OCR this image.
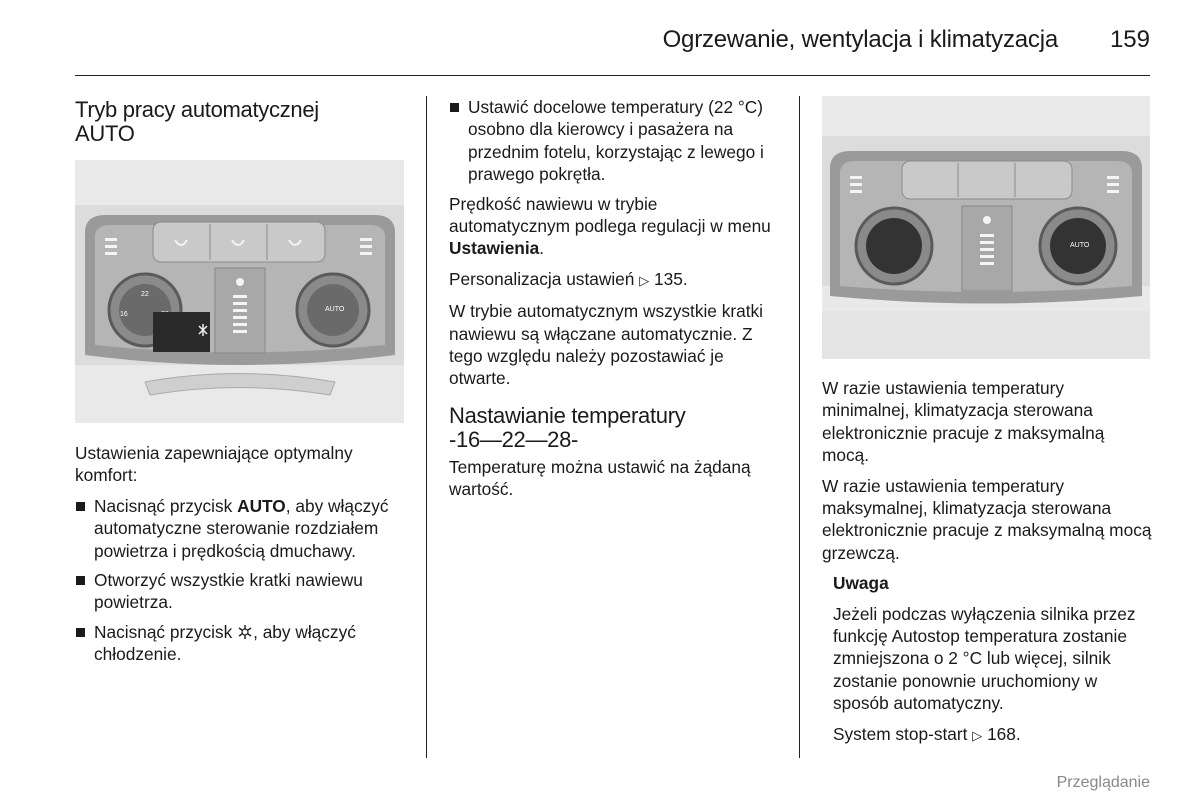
Ogrzewanie, wentylacja i klimatyzacja 159
Tryb pracy automatycznej
AUTO
22
16
AUTO

Ustawienia zapewniające optymalny komfort:

Nacisnąć przycisk AUTO, aby włączyć automatyczne sterowanie rozdziałem powietrza i prędkością dmuchawy.
Otworzyć wszystkie kratki nawiewu powietrza.
Nacisnąć przycisk , aby włączyć chłodzenie.
Ustawić docelowe temperatury (22 °C) osobno dla kierowcy i pasażera na przednim fotelu, korzystając z lewego i prawego pokrętła.

Prędkość nawiewu w trybie automatycznym podlega regulacji w menu Ustawienia.

Personalizacja ustawień ▷ 135.

W trybie automatycznym wszystkie kratki nawiewu są włączane automatycznie. Z tego względu należy pozostawiać je otwarte.

Nastawianie temperatury
-16—22—28-

Temperaturę można ustawić na żądaną wartość.

AUTO

W razie ustawienia temperatury minimalnej, klimatyzacja sterowana elektronicznie pracuje z maksymalną mocą.

W razie ustawienia temperatury maksymalnej, klimatyzacja sterowana elektronicznie pracuje z maksymalną mocą grzewczą.

Uwaga

Jeżeli podczas wyłączenia silnika przez funkcję Autostop temperatura zostanie zmniejszona o 2 °C lub więcej, silnik zostanie ponownie uruchomiony w sposób automatyczny.

System stop-start ▷ 168.

Przeglądanie
